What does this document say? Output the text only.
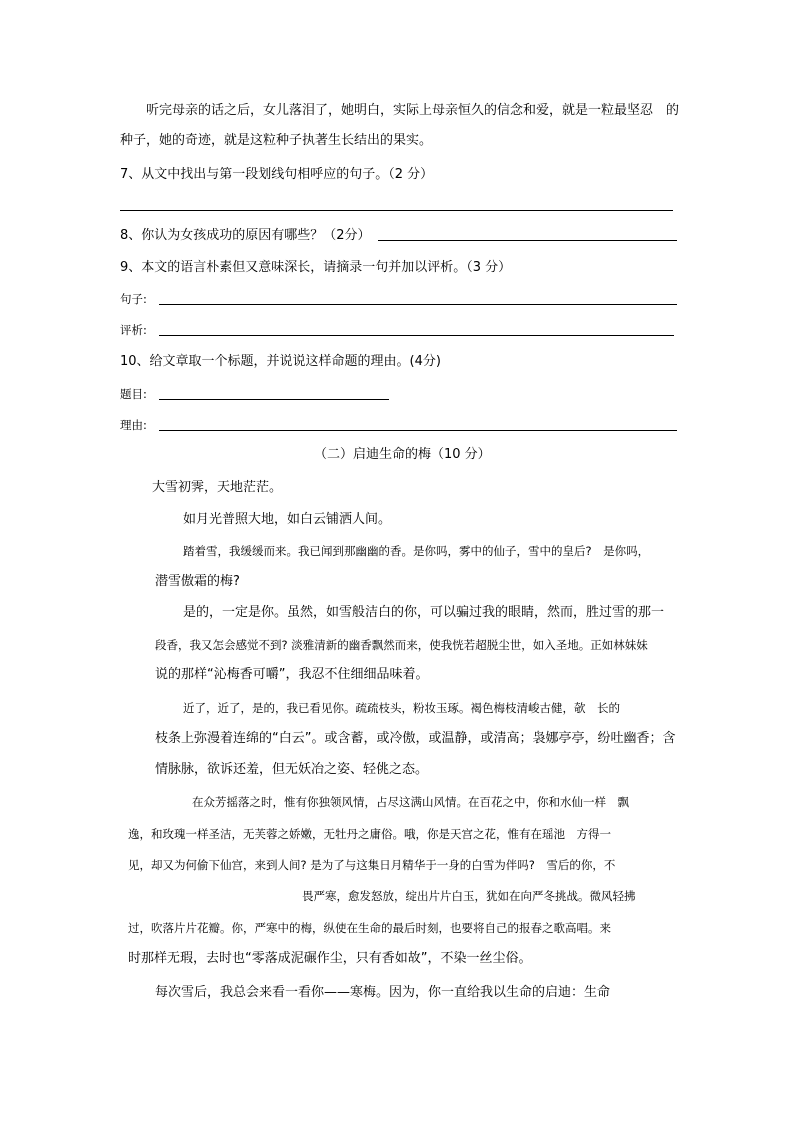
听完母亲的话之后，女儿落泪了，她明白，实际上母亲恒久的信念和爱，就是一粒最坚忍　的
种子，她的奇迹，就是这粒种子执著生长结出的果实。
7、从文中找出与第一段划线句相呼应的句子。（2 分）
8、你认为女孩成功的原因有哪些？（2分）
9、本文的语言朴素但又意味深长，请摘录一句并加以评析。（3 分）
句子:
评析:
10、给文章取一个标题，并说说这样命题的理由。(4分)
题目:
理由:
（二）启迪生命的梅（10 分）
大雪初霁，天地茫茫。
如月光普照大地，如白云铺洒人间。
踏着雪，我缓缓而来。我已闻到那幽幽的香。是你吗，雾中的仙子，雪中的皇后?　是你吗，
潜雪傲霜的梅?
是的，一定是你。虽然，如雪般洁白的你，可以骗过我的眼睛，然而，胜过雪的那一
段香，我又怎会感觉不到? 淡雅清新的幽香飘然而来，使我恍若超脱尘世，如入圣地。正如林妹妹
说的那样“沁梅香可嚼”，我忍不住细细品味着。
近了，近了，是的，我已看见你。疏疏枝头，粉妆玉琢。褐色梅枝清峻古健，欹　长的
枝条上弥漫着连绵的“白云”。或含蓄，或冷傲，或温静，或清高；袅娜亭亭，纷吐幽香；含
情脉脉，欲诉还羞，但无妖冶之姿、轻佻之态。
在众芳摇落之时，惟有你独领风情，占尽这满山风情。在百花之中，你和水仙一样　飘
逸，和玫瑰一样圣洁，无芙蓉之娇嫩，无牡丹之庸俗。哦，你是天宫之花，惟有在瑶池　方得一
见，却又为何偷下仙宫，来到人间? 是为了与这集日月精华于一身的白雪为伴吗?　雪后的你，不
畏严寒，愈发怒放，绽出片片白玉，犹如在向严冬挑战。微风轻拂
过，吹落片片花瓣。你，严寒中的梅，纵使在生命的最后时刻，也要将自己的报春之歌高唱。来
时那样无瑕，去时也“零落成泥碾作尘，只有香如故”，不染一丝尘俗。
每次雪后，我总会来看一看你——寒梅。因为，你一直给我以生命的启迪：生命
